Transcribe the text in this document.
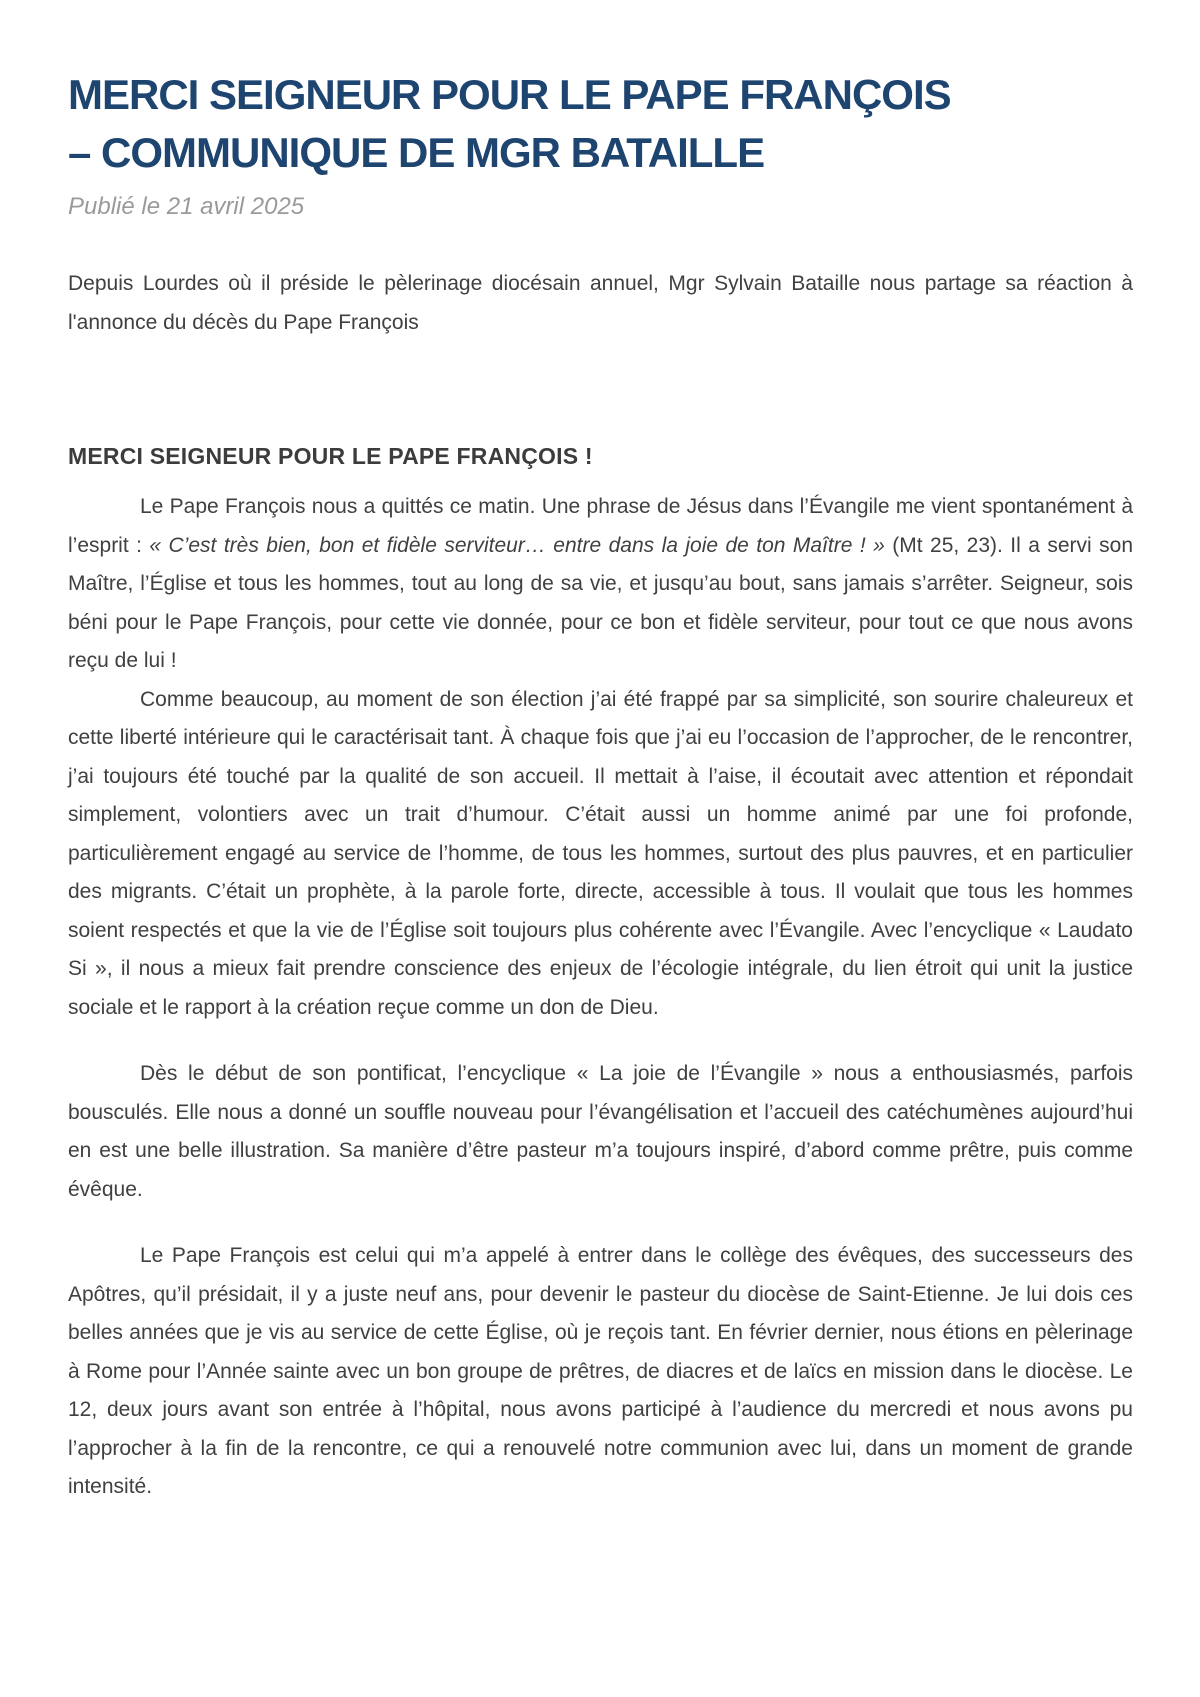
MERCI SEIGNEUR POUR LE PAPE FRANÇOIS
– COMMUNIQUE DE MGR BATAILLE

Publié le 21 avril 2025

Depuis Lourdes où il préside le pèlerinage diocésain annuel, Mgr Sylvain Bataille nous partage sa réaction à l'annonce du décès du Pape François

MERCI SEIGNEUR POUR LE PAPE FRANÇOIS !

Le Pape François nous a quittés ce matin. Une phrase de Jésus dans l’Évangile me vient spontanément à l’esprit : « C’est très bien, bon et fidèle serviteur… entre dans la joie de ton Maître ! » (Mt 25, 23). Il a servi son Maître, l’Église et tous les hommes, tout au long de sa vie, et jusqu’au bout, sans jamais s’arrêter. Seigneur, sois béni pour le Pape François, pour cette vie donnée, pour ce bon et fidèle serviteur, pour tout ce que nous avons reçu de lui !

Comme beaucoup, au moment de son élection j’ai été frappé par sa simplicité, son sourire chaleureux et cette liberté intérieure qui le caractérisait tant. À chaque fois que j’ai eu l’occasion de l’approcher, de le rencontrer, j’ai toujours été touché par la qualité de son accueil. Il mettait à l’aise, il écoutait avec attention et répondait simplement, volontiers avec un trait d’humour. C’était aussi un homme animé par une foi profonde, particulièrement engagé au service de l’homme, de tous les hommes, surtout des plus pauvres, et en particulier des migrants. C’était un prophète, à la parole forte, directe, accessible à tous. Il voulait que tous les hommes soient respectés et que la vie de l’Église soit toujours plus cohérente avec l’Évangile. Avec l’encyclique « Laudato Si », il nous a mieux fait prendre conscience des enjeux de l’écologie intégrale, du lien étroit qui unit la justice sociale et le rapport à la création reçue comme un don de Dieu.

Dès le début de son pontificat, l’encyclique « La joie de l’Évangile » nous a enthousiasmés, parfois bousculés. Elle nous a donné un souffle nouveau pour l’évangélisation et l’accueil des catéchumènes aujourd’hui en est une belle illustration. Sa manière d’être pasteur m’a toujours inspiré, d’abord comme prêtre, puis comme évêque.

Le Pape François est celui qui m’a appelé à entrer dans le collège des évêques, des successeurs des Apôtres, qu’il présidait, il y a juste neuf ans, pour devenir le pasteur du diocèse de Saint-Etienne. Je lui dois ces belles années que je vis au service de cette Église, où je reçois tant. En février dernier, nous étions en pèlerinage à Rome pour l’Année sainte avec un bon groupe de prêtres, de diacres et de laïcs en mission dans le diocèse. Le 12, deux jours avant son entrée à l’hôpital, nous avons participé à l’audience du mercredi et nous avons pu l’approcher à la fin de la rencontre, ce qui a renouvelé notre communion avec lui, dans un moment de grande intensité.
